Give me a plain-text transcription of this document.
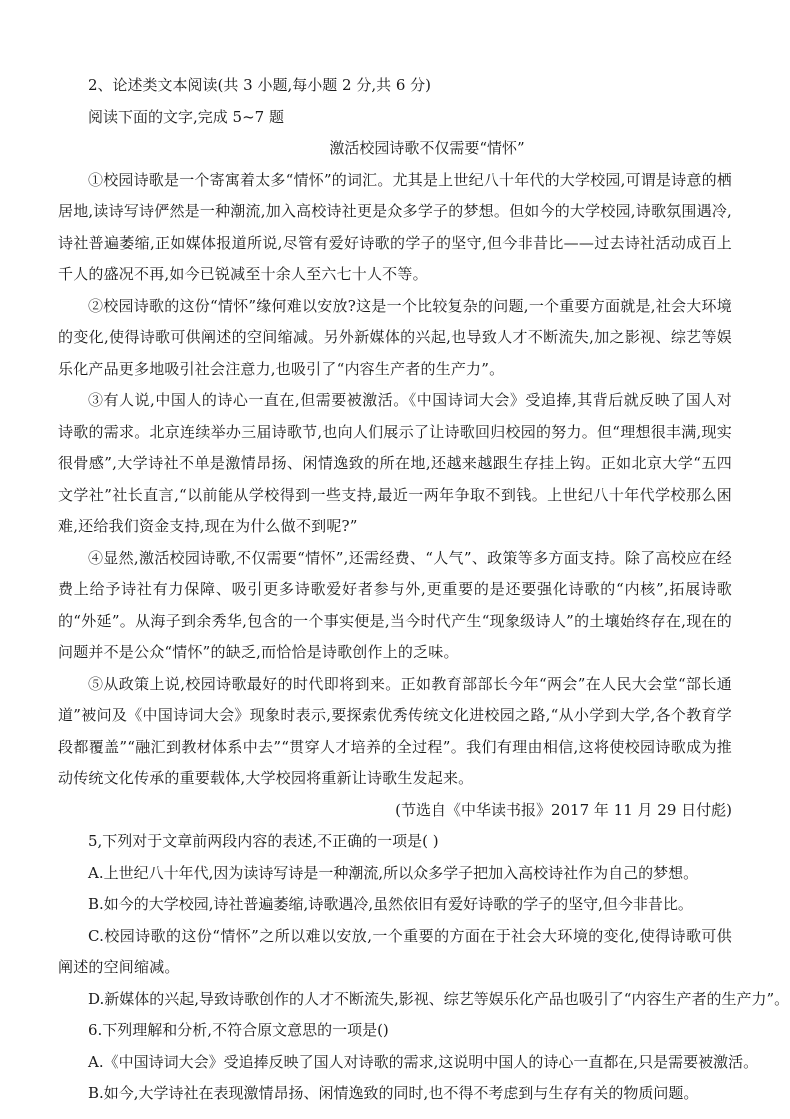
2、论述类文本阅读(共 3 小题,每小题 2 分,共 6 分)

阅读下面的文字,完成 5~7 题

激活校园诗歌不仅需要“情怀”

①校园诗歌是一个寄寓着太多“情怀”的词汇。尤其是上世纪八十年代的大学校园,可谓是诗意的栖居地,读诗写诗俨然是一种潮流,加入高校诗社更是众多学子的梦想。但如今的大学校园,诗歌氛围遇冷,诗社普遍萎缩,正如媒体报道所说,尽管有爱好诗歌的学子的坚守,但今非昔比——过去诗社活动成百上千人的盛况不再,如今已锐减至十余人至六七十人不等。

②校园诗歌的这份“情怀”缘何难以安放?这是一个比较复杂的问题,一个重要方面就是,社会大环境的变化,使得诗歌可供阐述的空间缩减。另外新媒体的兴起,也导致人才不断流失,加之影视、综艺等娱乐化产品更多地吸引社会注意力,也吸引了“内容生产者的生产力”。

③有人说,中国人的诗心一直在,但需要被激活。《中国诗词大会》受追捧,其背后就反映了国人对诗歌的需求。北京连续举办三届诗歌节,也向人们展示了让诗歌回归校园的努力。但“理想很丰满,现实很骨感”,大学诗社不单是激情昂扬、闲情逸致的所在地,还越来越跟生存挂上钩。正如北京大学“五四文学社”社长直言,“以前能从学校得到一些支持,最近一两年争取不到钱。上世纪八十年代学校那么困难,还给我们资金支持,现在为什么做不到呢?”

④显然,激活校园诗歌,不仅需要“情怀”,还需经费、“人气”、政策等多方面支持。除了高校应在经费上给予诗社有力保障、吸引更多诗歌爱好者参与外,更重要的是还要强化诗歌的“内核”,拓展诗歌的“外延”。从海子到余秀华,包含的一个事实便是,当今时代产生“现象级诗人”的土壤始终存在,现在的问题并不是公众“情怀”的缺乏,而恰恰是诗歌创作上的乏味。

⑤从政策上说,校园诗歌最好的时代即将到来。正如教育部部长今年“两会”在人民大会堂“部长通道”被问及《中国诗词大会》现象时表示,要探索优秀传统文化进校园之路,“从小学到大学,各个教育学段都覆盖”“融汇到教材体系中去”“贯穿人才培养的全过程”。我们有理由相信,这将使校园诗歌成为推动传统文化传承的重要载体,大学校园将重新让诗歌生发起来。

(节选自《中华读书报》2017 年 11 月 29 日付彪)

5,下列对于文章前两段内容的表述,不正确的一项是( )

A.上世纪八十年代,因为读诗写诗是一种潮流,所以众多学子把加入高校诗社作为自己的梦想。

B.如今的大学校园,诗社普遍萎缩,诗歌遇冷,虽然依旧有爱好诗歌的学子的坚守,但今非昔比。

C.校园诗歌的这份“情怀”之所以难以安放,一个重要的方面在于社会大环境的变化,使得诗歌可供阐述的空间缩减。

D.新媒体的兴起,导致诗歌创作的人才不断流失,影视、综艺等娱乐化产品也吸引了“内容生产者的生产力”。

6.下列理解和分析,不符合原文意思的一项是()

A.《中国诗词大会》受追捧反映了国人对诗歌的需求,这说明中国人的诗心一直都在,只是需要被激活。

B.如今,大学诗社在表现激情昂扬、闲情逸致的同时,也不得不考虑到与生存有关的物质问题。
